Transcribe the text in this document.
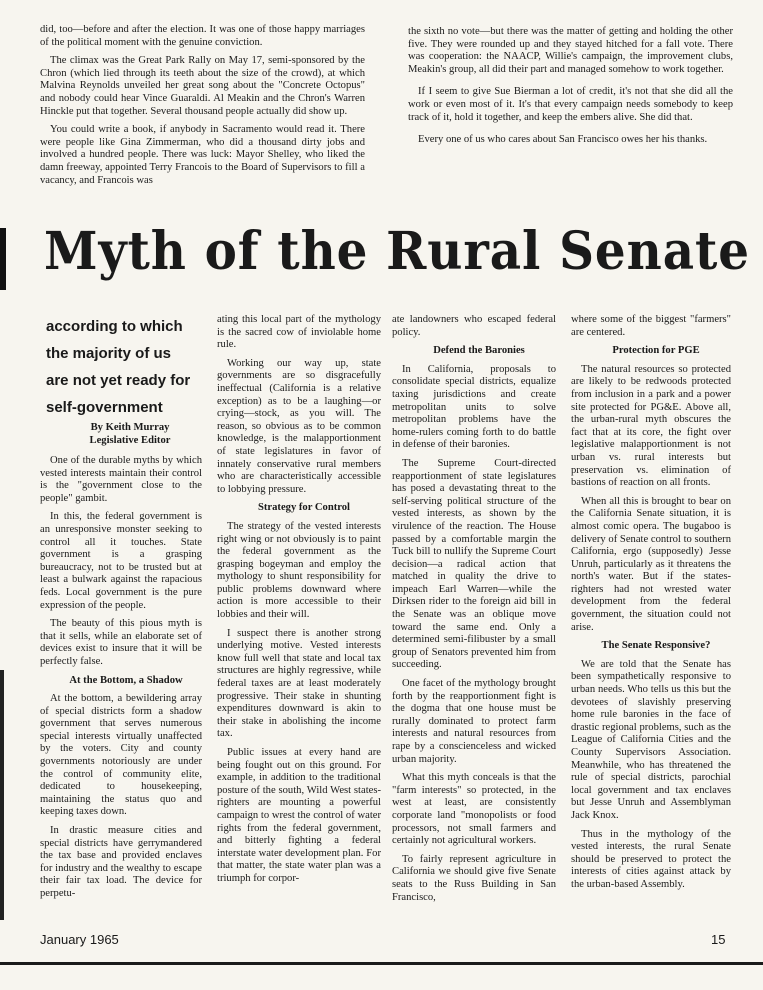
did, too—before and after the election. It was one of those happy marriages of the political moment with the genuine conviction.

The climax was the Great Park Rally on May 17, semi-sponsored by the Chron (which lied through its teeth about the size of the crowd), at which Malvina Reynolds unveiled her great song about the "Concrete Octopus" and nobody could hear Vince Guaraldi. Al Meakin and the Chron's Warren Hinckle put that together. Several thousand people actually did show up.

You could write a book, if anybody in Sacramento would read it. There were people like Gina Zimmerman, who did a thousand dirty jobs and involved a hundred people. There was luck: Mayor Shelley, who liked the damn freeway, appointed Terry Francois to the Board of Supervisors to fill a vacancy, and Francois was

the sixth no vote—but there was the matter of getting and holding the other five. They were rounded up and they stayed hitched for a fall vote. There was cooperation: the NAACP, Willie's campaign, the improvement clubs, Meakin's group, all did their part and managed somehow to work together.

If I seem to give Sue Bierman a lot of credit, it's not that she did all the work or even most of it. It's that every campaign needs somebody to keep track of it, hold it together, and keep the embers alive. She did that.

Every one of us who cares about San Francisco owes her his thanks.

Myth of the Rural Senate
according to which the majority of us are not yet ready for self-government
By Keith Murray
Legislative Editor

One of the durable myths by which vested interests maintain their control is the "government close to the people" gambit.

In this, the federal government is an unresponsive monster seeking to control all it touches. State government is a grasping bureaucracy, not to be trusted but at least a bulwark against the rapacious feds. Local government is the pure expression of the people.

The beauty of this pious myth is that it sells, while an elaborate set of devices exist to insure that it will be perfectly false.

At the Bottom, a Shadow

At the bottom, a bewildering array of special districts form a shadow government that serves numerous special interests virtually unaffected by the voters. City and county governments notoriously are under the control of community elite, dedicated to housekeeping, maintaining the status quo and keeping taxes down.

In drastic measure cities and special districts have gerrymandered the tax base and provided enclaves for industry and the wealthy to escape their fair tax load. The device for perpetu-

ating this local part of the mythology is the sacred cow of inviolable home rule.

Working our way up, state governments are so disgracefully ineffectual (California is a relative exception) as to be a laughing—or crying—stock, as you will. The reason, so obvious as to be common knowledge, is the malapportionment of state legislatures in favor of innately conservative rural members who are characteristically accessible to lobbying pressure.

Strategy for Control

The strategy of the vested interests right wing or not obviously is to paint the federal government as the grasping bogeyman and employ the mythology to shunt responsibility for public problems downward where action is more accessible to their lobbies and their will.

I suspect there is another strong underlying motive. Vested interests know full well that state and local tax structures are highly regressive, while federal taxes are at least moderately progressive. Their stake in shunting expenditures downward is akin to their stake in abolishing the income tax.

Public issues at every hand are being fought out on this ground. For example, in addition to the traditional posture of the south, Wild West states-righters are mounting a powerful campaign to wrest the control of water rights from the federal government, and bitterly fighting a federal interstate water development plan. For that matter, the state water plan was a triumph for corpor-

ate landowners who escaped federal policy.

Defend the Baronies

In California, proposals to consolidate special districts, equalize taxing jurisdictions and create metropolitan units to solve metropolitan problems have the home-rulers coming forth to do battle in defense of their baronies.

The Supreme Court-directed reapportionment of state legislatures has posed a devastating threat to the self-serving political structure of the vested interests, as shown by the virulence of the reaction. The House passed by a comfortable margin the Tuck bill to nullify the Supreme Court decision—a radical action that matched in quality the drive to impeach Earl Warren—while the Dirksen rider to the foreign aid bill in the Senate was an oblique move toward the same end. Only a determined semi-filibuster by a small group of Senators prevented him from succeeding.

One facet of the mythology brought forth by the reapportionment fight is the dogma that one house must be rurally dominated to protect farm interests and natural resources from rape by a conscienceless and wicked urban majority.

What this myth conceals is that the "farm interests" so protected, in the west at least, are consistently corporate land "monopolists or food processors, not small farmers and certainly not agricultural workers.

To fairly represent agriculture in California we should give five Senate seats to the Russ Building in San Francisco,

where some of the biggest "farmers" are centered.

Protection for PGE

The natural resources so protected are likely to be redwoods protected from inclusion in a park and a power site protected for PG&E. Above all, the urban-rural myth obscures the fact that at its core, the fight over legislative malapportionment is not urban vs. rural interests but preservation vs. elimination of bastions of reaction on all fronts.

When all this is brought to bear on the California Senate situation, it is almost comic opera. The bugaboo is delivery of Senate control to southern California, ergo (supposedly) Jesse Unruh, particularly as it threatens the north's water. But if the states-righters had not wrested water development from the federal government, the situation could not arise.

The Senate Responsive?

We are told that the Senate has been sympathetically responsive to urban needs. Who tells us this but the devotees of slavishly preserving home rule baronies in the face of drastic regional problems, such as the League of California Cities and the County Supervisors Association. Meanwhile, who has threatened the rule of special districts, parochial local government and tax enclaves but Jesse Unruh and Assemblyman Jack Knox.

Thus in the mythology of the vested interests, the rural Senate should be preserved to protect the interests of cities against attack by the urban-based Assembly.

January 1965	15
